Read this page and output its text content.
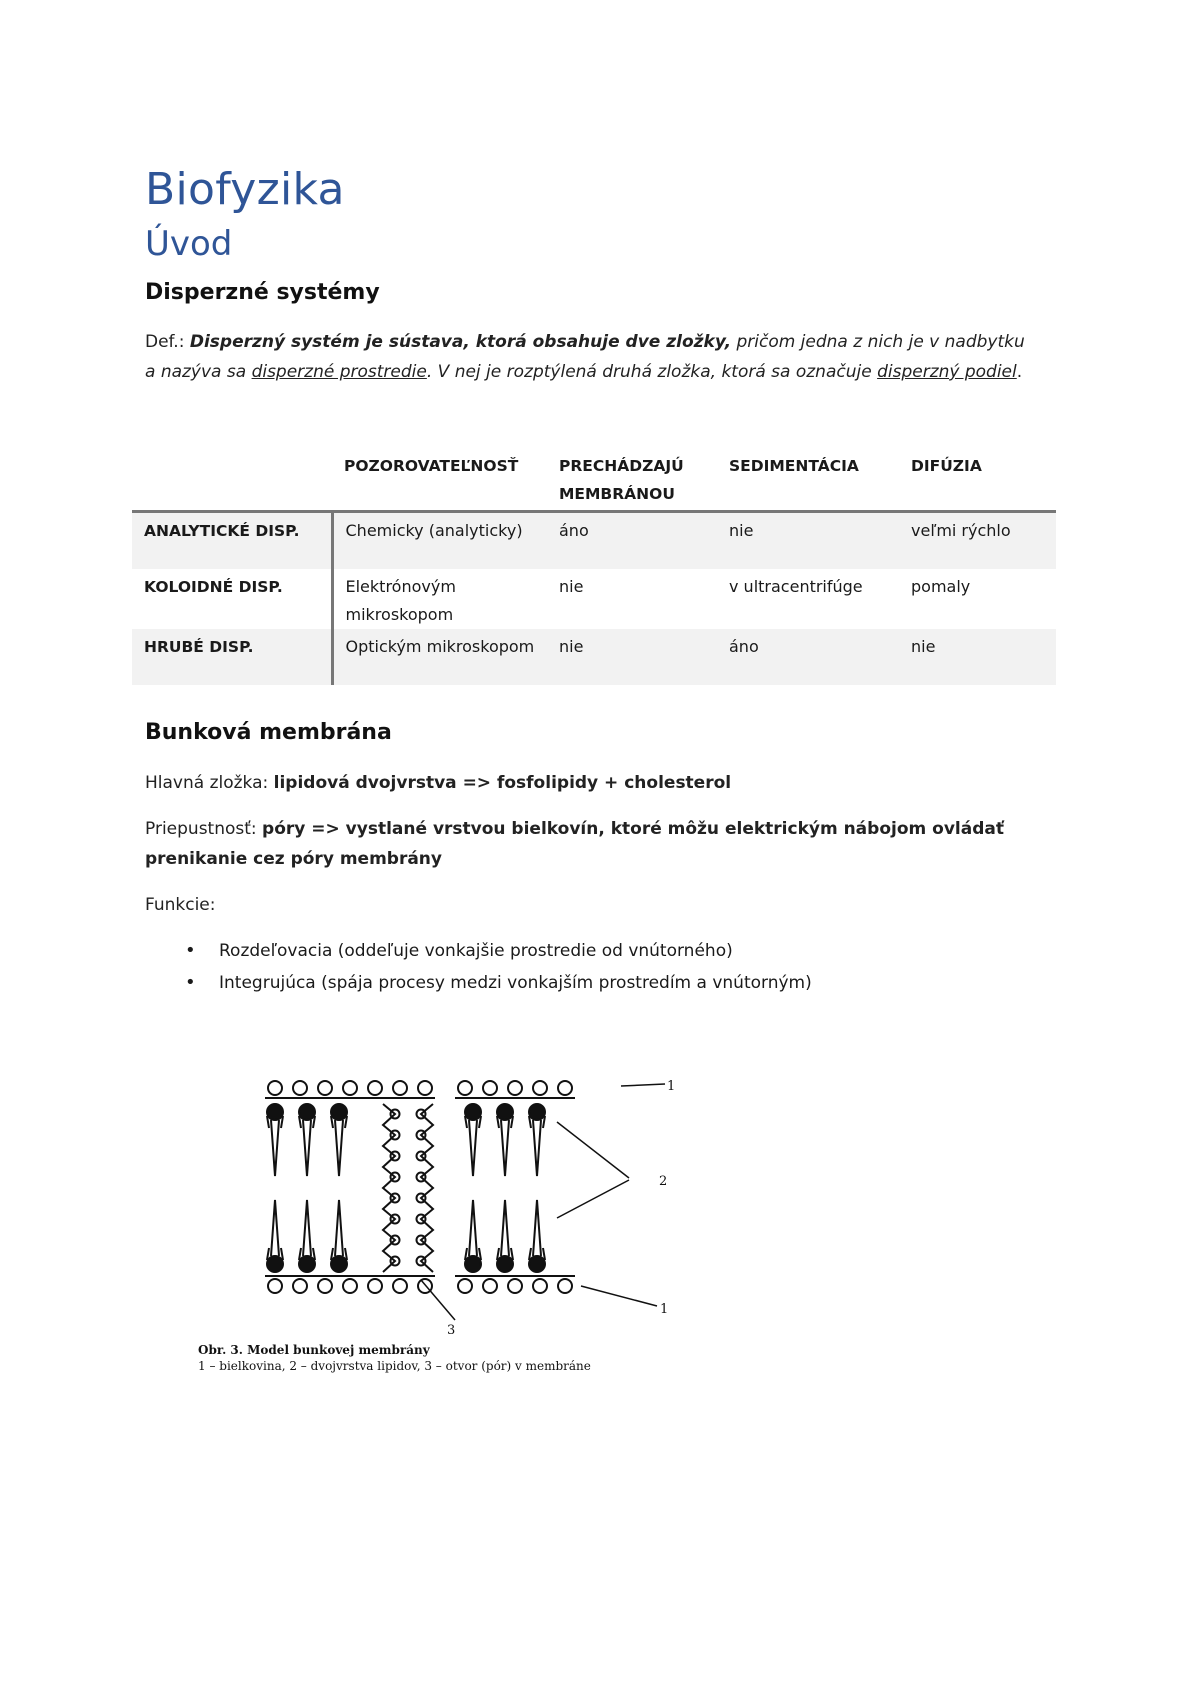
Biofyzika
Úvod
Disperzné systémy
Def.: Disperzný systém je sústava, ktorá obsahuje dve zložky, pričom jedna z nich je v nadbytku
a nazýva sa disperzné prostredie. V nej je rozptýlená druhá zložka, ktorá sa označuje disperzný podiel.
	POZOROVATEĽNOSŤ	PRECHÁDZAJÚ MEMBRÁNOU	SEDIMENTÁCIA	DIFÚZIA
ANALYTICKÉ DISP.	Chemicky (analyticky)	áno	nie	veľmi rýchlo
KOLOIDNÉ DISP.	Elektrónovým mikroskopom	nie	v ultracentrifúge	pomaly
HRUBÉ DISP.	Optickým mikroskopom	nie	áno	nie
Bunková membrána
Hlavná zložka: lipidová dvojvrstva => fosfolipidy + cholesterol
Priepustnosť: póry => vystlané vrstvou bielkovín, ktoré môžu elektrickým nábojom ovládať prenikanie cez póry membrány
Funkcie:
• Rozdeľovacia (oddeľuje vonkajšie prostredie od vnútorného)
• Integrujúca (spája procesy medzi vonkajším prostredím a vnútorným)
1
2
1
3
Obr. 3. Model bunkovej membrány
1 – bielkovina, 2 – dvojvrstva lipidov, 3 – otvor (pór) v membráne
